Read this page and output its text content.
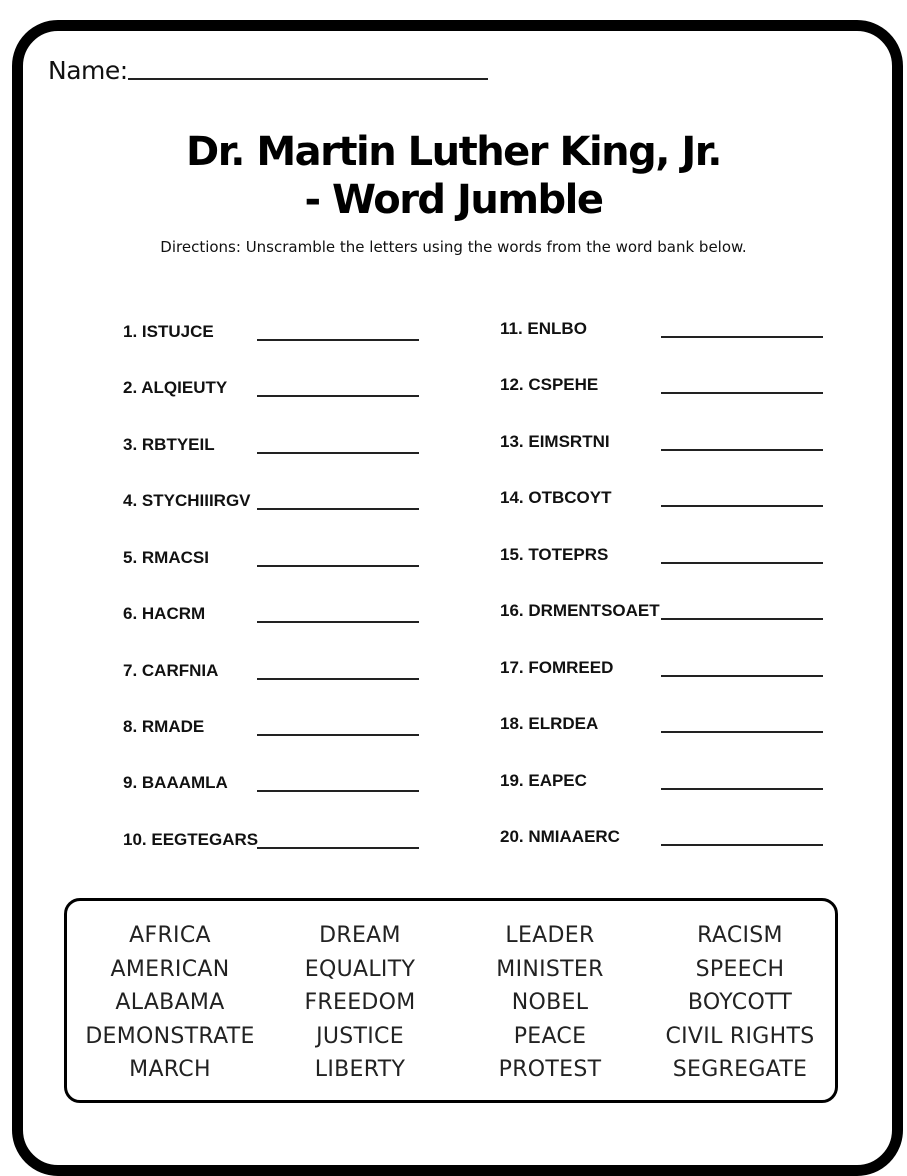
Name:
Dr. Martin Luther King, Jr.
- Word Jumble
Directions: Unscramble the letters using the words from the word bank below.
1. ISTUJCE
2. ALQIEUTY
3. RBTYEIL
4. STYCHIIIRGV
5. RMACSI
6. HACRM
7. CARFNIA
8. RMADE
9. BAAAMLA
10. EEGTEGARS
11. ENLBO
12. CSPEHE
13. EIMSRTNI
14. OTBCOYT
15. TOTEPRS
16. DRMENTSOAET
17. FOMREED
18. ELRDEA
19. EAPEC
20. NMIAAERC
AFRICA
AMERICAN
ALABAMA
DEMONSTRATE
MARCH
DREAM
EQUALITY
FREEDOM
JUSTICE
LIBERTY
LEADER
MINISTER
NOBEL
PEACE
PROTEST
RACISM
SPEECH
BOYCOTT
CIVIL RIGHTS
SEGREGATE
